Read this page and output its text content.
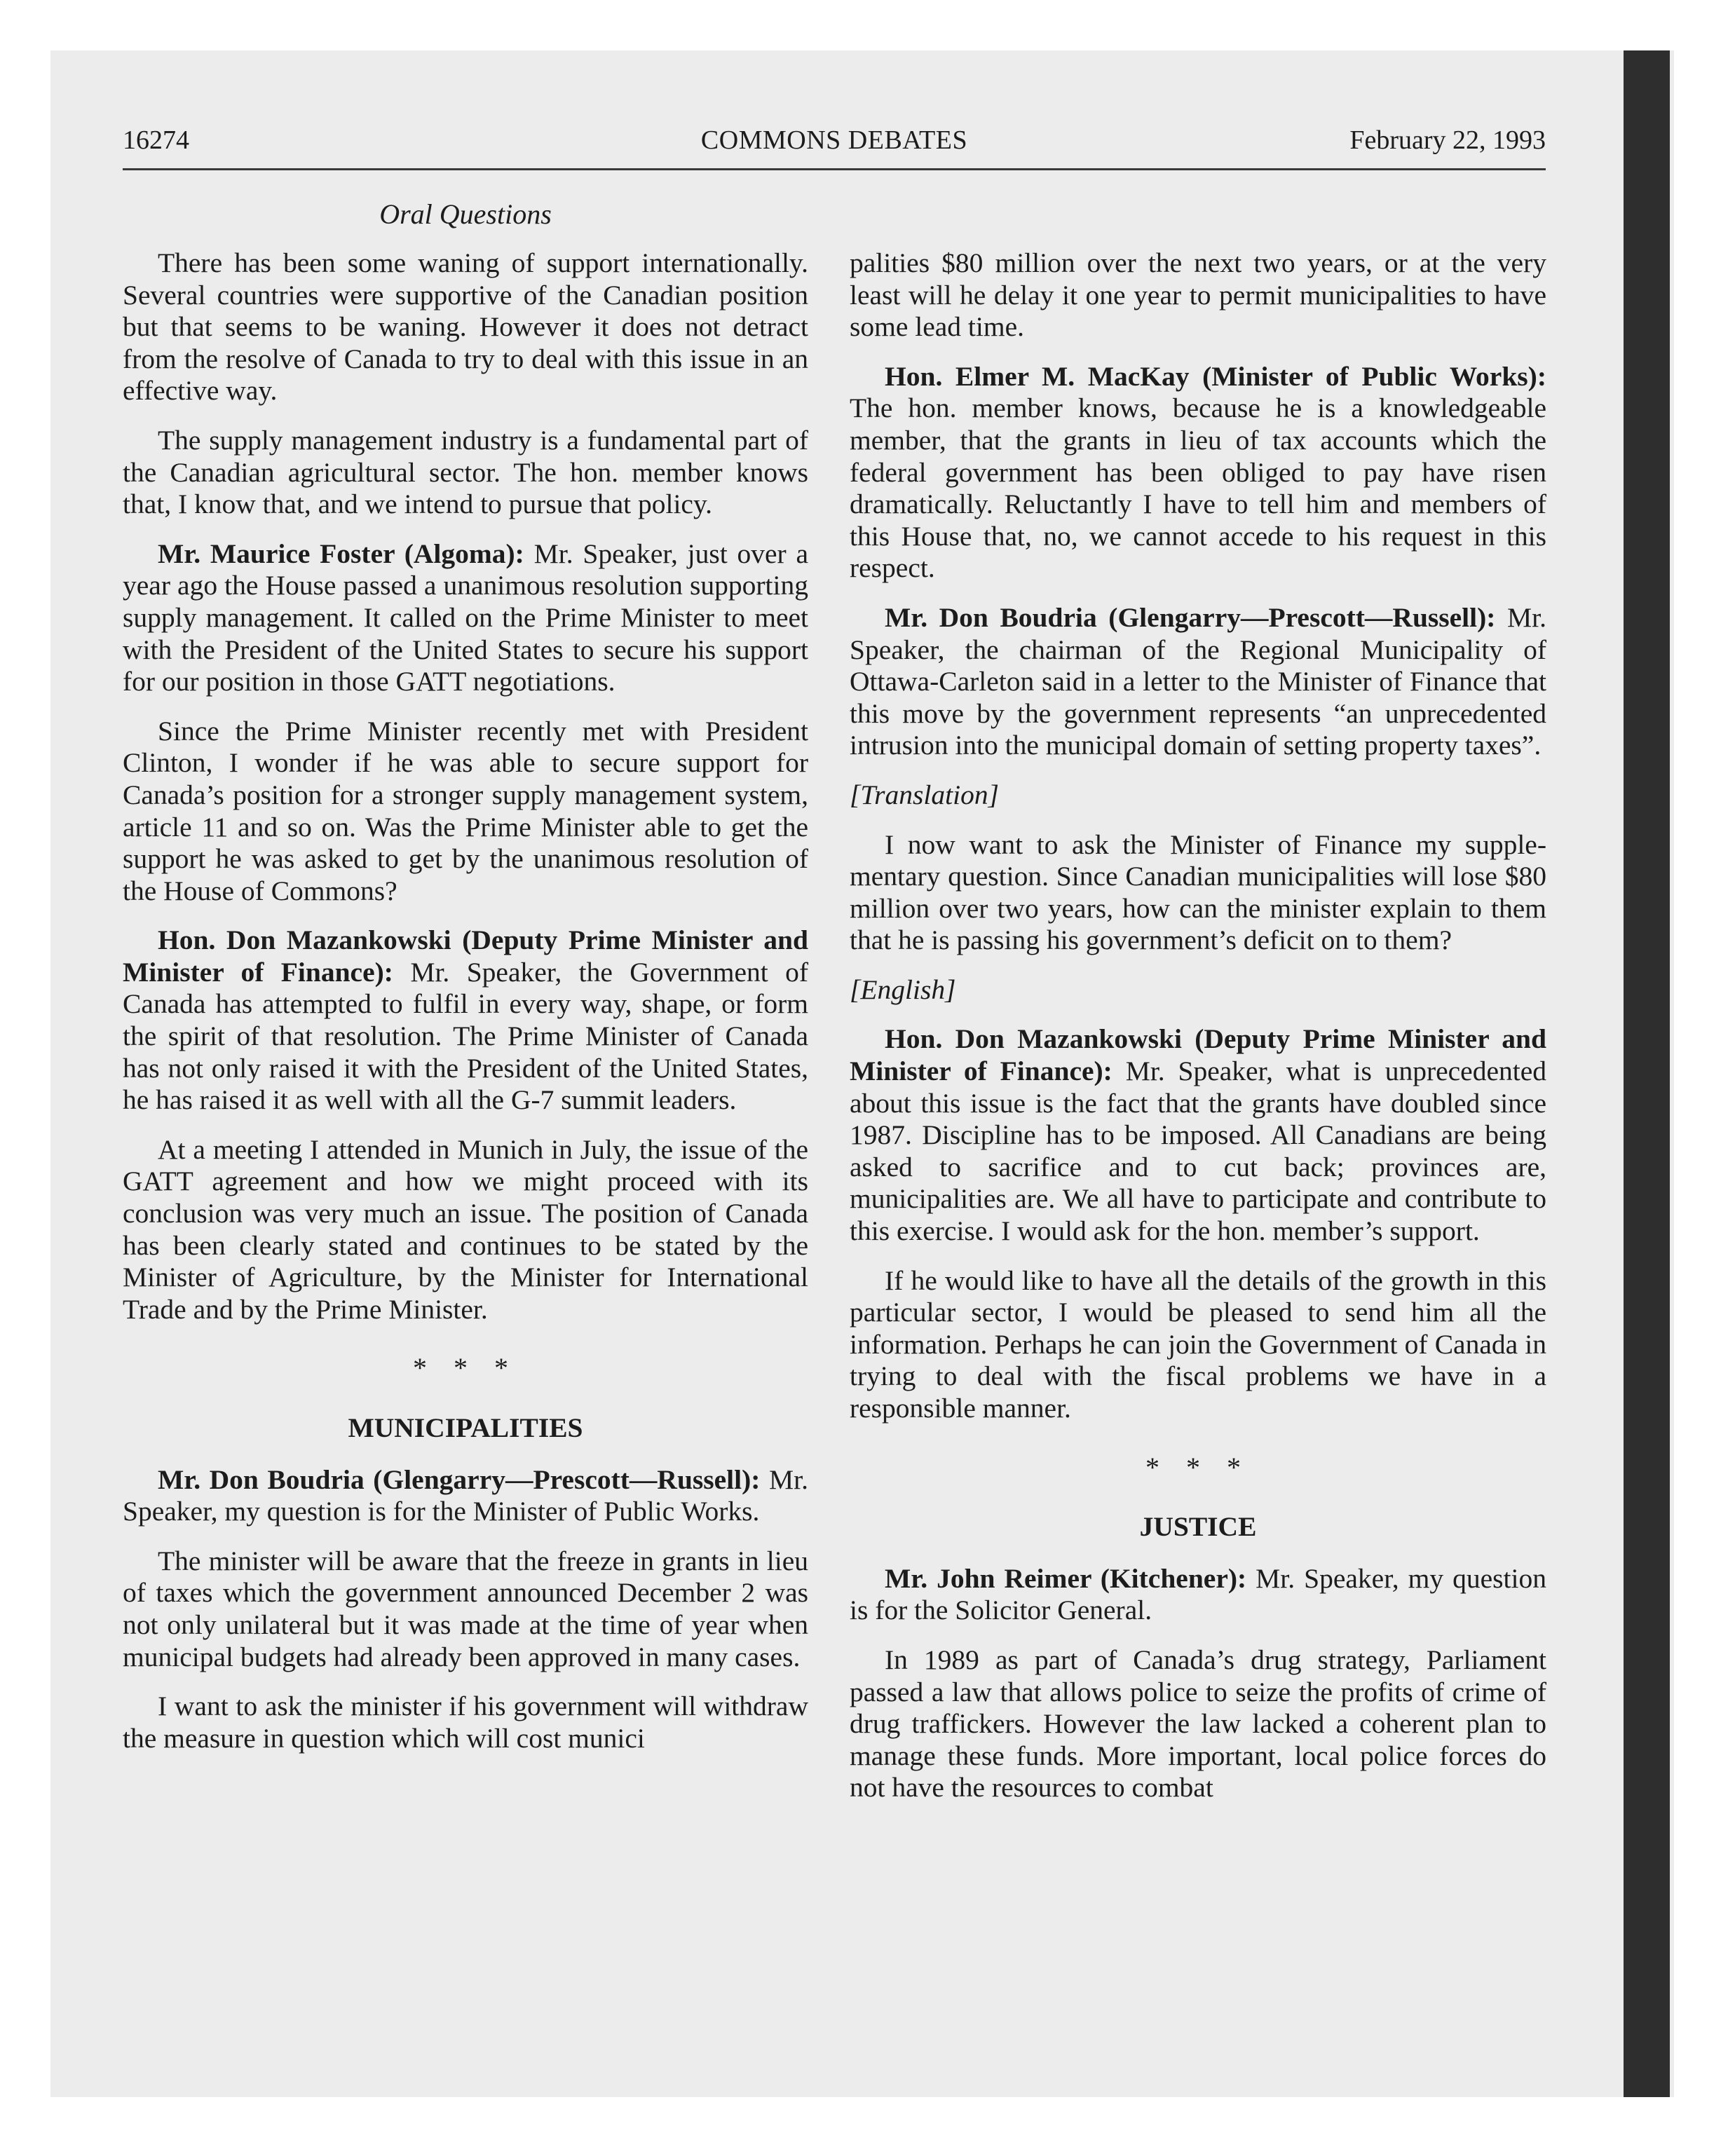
16274	COMMONS DEBATES	February 22, 1993
Oral Questions

There has been some waning of support internationally. Several countries were supportive of the Canadian position but that seems to be waning. However it does not detract from the resolve of Canada to try to deal with this issue in an effective way.

The supply management industry is a fundamental part of the Canadian agricultural sector. The hon. member knows that, I know that, and we intend to pursue that policy.

Mr. Maurice Foster (Algoma): Mr. Speaker, just over a year ago the House passed a unanimous resolution supporting supply management. It called on the Prime Minister to meet with the President of the United States to secure his support for our position in those GATT negotiations.

Since the Prime Minister recently met with President Clinton, I wonder if he was able to secure support for Canada’s position for a stronger supply management system, article 11 and so on. Was the Prime Minister able to get the support he was asked to get by the unanimous resolution of the House of Commons?

Hon. Don Mazankowski (Deputy Prime Minister and Minister of Finance): Mr. Speaker, the Government of Canada has attempted to fulfil in every way, shape, or form the spirit of that resolution. The Prime Minister of Canada has not only raised it with the President of the United States, he has raised it as well with all the G-7 summit leaders.

At a meeting I attended in Munich in July, the issue of the GATT agreement and how we might proceed with its conclusion was very much an issue. The position of Canada has been clearly stated and continues to be stated by the Minister of Agriculture, by the Minister for International Trade and by the Prime Minister.

* * *
MUNICIPALITIES

Mr. Don Boudria (Glengarry—Prescott—Russell): Mr. Speaker, my question is for the Minister of Public Works.

The minister will be aware that the freeze in grants in lieu of taxes which the government announced December 2 was not only unilateral but it was made at the time of year when municipal budgets had already been approved in many cases.

I want to ask the minister if his government will withdraw the measure in question which will cost munici

palities $80 million over the next two years, or at the very least will he delay it one year to permit municipalities to have some lead time.

Hon. Elmer M. MacKay (Minister of Public Works): The hon. member knows, because he is a knowledgeable member, that the grants in lieu of tax accounts which the federal government has been obliged to pay have risen dramatically. Reluctantly I have to tell him and members of this House that, no, we cannot accede to his request in this respect.

Mr. Don Boudria (Glengarry—Prescott—Russell): Mr. Speaker, the chairman of the Regional Municipality of Ottawa-Carleton said in a letter to the Minister of Finance that this move by the government represents “an unprecedented intrusion into the municipal domain of setting property taxes”.

[Translation]

I now want to ask the Minister of Finance my supplementary question. Since Canadian municipalities will lose $80 million over two years, how can the minister explain to them that he is passing his government’s deficit on to them?

[English]

Hon. Don Mazankowski (Deputy Prime Minister and Minister of Finance): Mr. Speaker, what is unprecedented about this issue is the fact that the grants have doubled since 1987. Discipline has to be imposed. All Canadians are being asked to sacrifice and to cut back; provinces are, municipalities are. We all have to participate and contribute to this exercise. I would ask for the hon. member’s support.

If he would like to have all the details of the growth in this particular sector, I would be pleased to send him all the information. Perhaps he can join the Government of Canada in trying to deal with the fiscal problems we have in a responsible manner.

* * *
JUSTICE

Mr. John Reimer (Kitchener): Mr. Speaker, my question is for the Solicitor General.

In 1989 as part of Canada’s drug strategy, Parliament passed a law that allows police to seize the profits of crime of drug traffickers. However the law lacked a coherent plan to manage these funds. More important, local police forces do not have the resources to combat
